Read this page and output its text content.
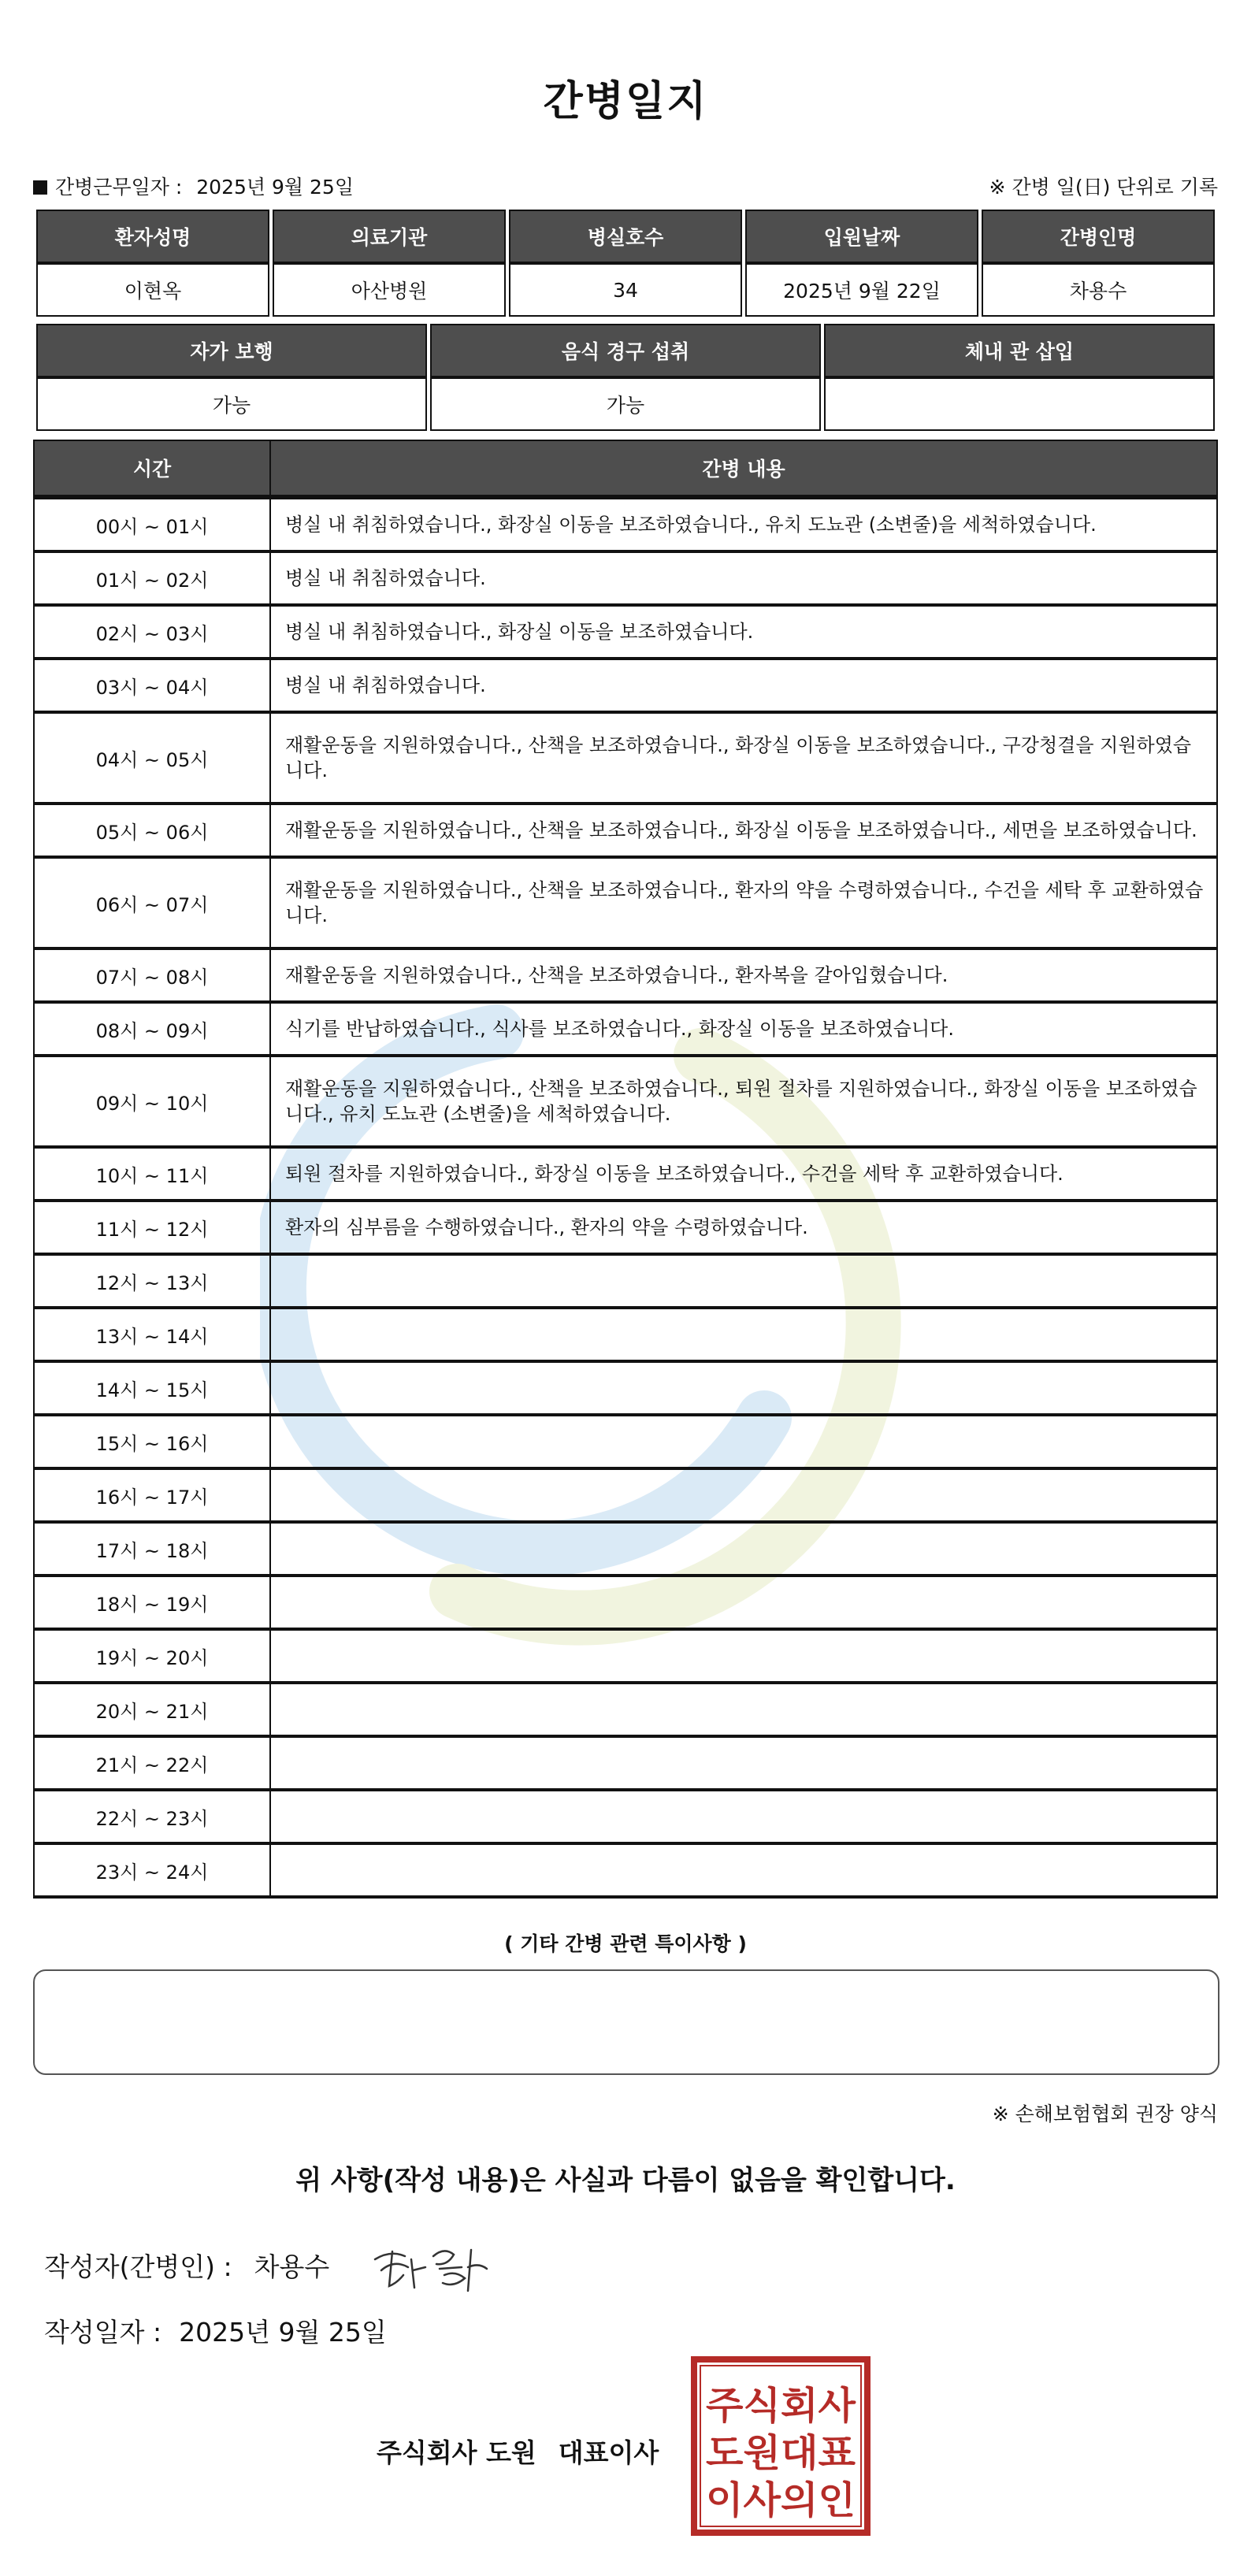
간병일지
간병근무일자 : 2025년 9월 25일	※ 간병 일(日) 단위로 기록
환자성명	의료기관	병실호수	입원날짜	간병인명
이현옥	아산병원	34	2025년 9월 22일	차용수
자가 보행	음식 경구 섭취	체내 관 삽입
가능	가능	
시간	간병 내용
00시 ~ 01시	병실 내 취침하였습니다., 화장실 이동을 보조하였습니다., 유치 도뇨관 (소변줄)을 세척하였습니다.
01시 ~ 02시	병실 내 취침하였습니다.
02시 ~ 03시	병실 내 취침하였습니다., 화장실 이동을 보조하였습니다.
03시 ~ 04시	병실 내 취침하였습니다.
04시 ~ 05시	재활운동을 지원하였습니다., 산책을 보조하였습니다., 화장실 이동을 보조하였습니다., 구강청결을 지원하였습니다.
05시 ~ 06시	재활운동을 지원하였습니다., 산책을 보조하였습니다., 화장실 이동을 보조하였습니다., 세면을 보조하였습니다.
06시 ~ 07시	재활운동을 지원하였습니다., 산책을 보조하였습니다., 환자의 약을 수령하였습니다., 수건을 세탁 후 교환하였습니다.
07시 ~ 08시	재활운동을 지원하였습니다., 산책을 보조하였습니다., 환자복을 갈아입혔습니다.
08시 ~ 09시	식기를 반납하였습니다., 식사를 보조하였습니다., 화장실 이동을 보조하였습니다.
09시 ~ 10시	재활운동을 지원하였습니다., 산책을 보조하였습니다., 퇴원 절차를 지원하였습니다., 화장실 이동을 보조하였습니다., 유치 도뇨관 (소변줄)을 세척하였습니다.
10시 ~ 11시	퇴원 절차를 지원하였습니다., 화장실 이동을 보조하였습니다., 수건을 세탁 후 교환하였습니다.
11시 ~ 12시	환자의 심부름을 수행하였습니다., 환자의 약을 수령하였습니다.
12시 ~ 13시	
13시 ~ 14시	
14시 ~ 15시	
15시 ~ 16시	
16시 ~ 17시	
17시 ~ 18시	
18시 ~ 19시	
19시 ~ 20시	
20시 ~ 21시	
21시 ~ 22시	
22시 ~ 23시	
23시 ~ 24시	
( 기타 간병 관련 특이사항 )
※ 손해보험협회 권장 양식
위 사항(작성 내용)은 사실과 다름이 없음을 확인합니다.
작성자(간병인) : 차용수
작성일자 : 2025년 9월 25일
주식회사 도원 대표이사
주식회사
도원대표
이사의인
